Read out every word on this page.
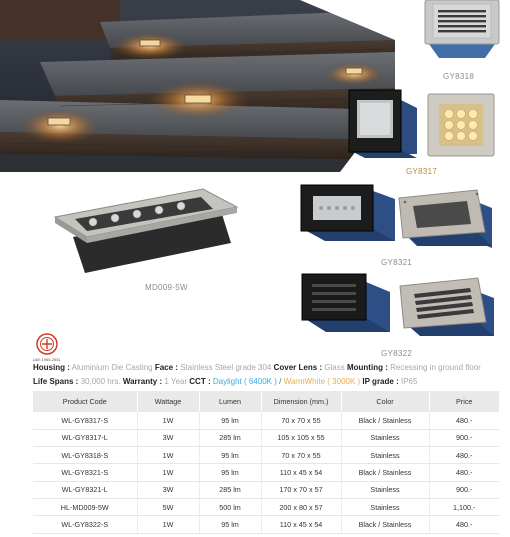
GY8318
GY8317
GY8321
MD009-5W
GY8322
มอก.1955-2551
Housing : Aluminium Die Casting Face : Stainless Steel grade 304 Cover Lens : Glass Mounting : Recessing in ground floor
Life Spans : 30,000 hrs. Warranty : 1 Year CCT : Daylight ( 6400K ) / WarmWhite ( 3000K ) IP grade : IP65
Product Code	Wattage	Lumen	Dimension (mm.)	Color	Price
WL-GY8317-S	1W	95 lm	70 x 70 x 55	Black / Stainless	480.-
WL-GY8317-L	3W	285 lm	105 x 105 x 55	Stainless	900.-
WL-GY8318-S	1W	95 lm	70 x 70 x 55	Stainless	480.-
WL-GY8321-S	1W	95 lm	110 x 45 x 54	Black / Stainless	480.-
WL-GY8321-L	3W	285 lm	170 x 70 x 57	Stainless	900.-
HL-MD009-5W	5W	500 lm	200 x 80 x 57	Stainless	1,100.-
WL-GY8322-S	1W	95 lm	110 x 45 x 54	Black / Stainless	480.-
